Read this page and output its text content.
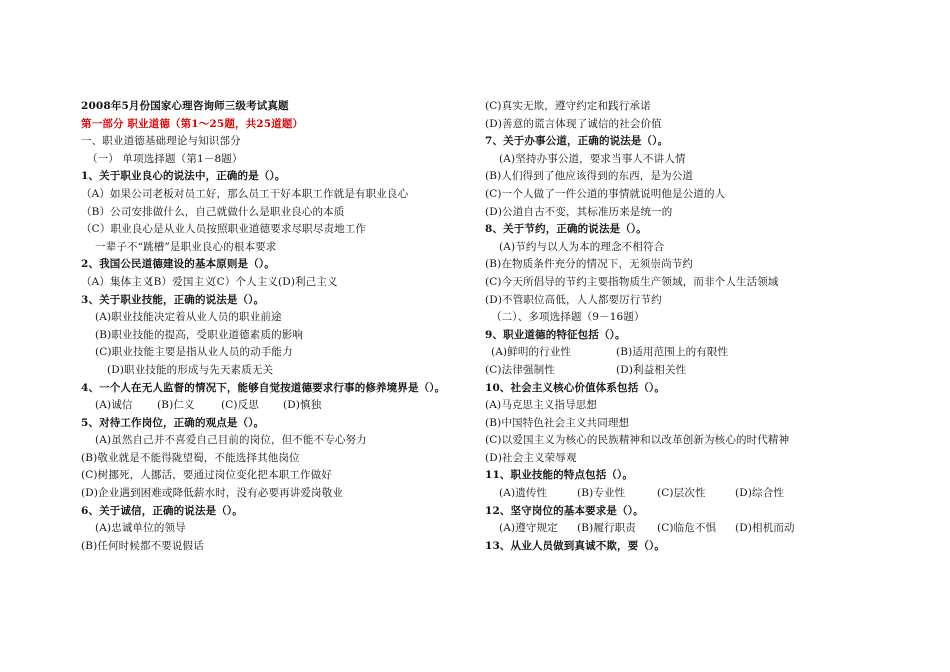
2008年5月份国家心理咨询师三级考试真题
第一部分 职业道德（第1～25题，共25道题）
一、职业道德基础理论与知识部分
（一） 单项选择题（第1－8题）
1、关于职业良心的说法中，正确的是（）。
（A）如果公司老板对员工好，那么员工干好本职工作就是有职业良心
（B）公司安排做什么，自己就做什么是职业良心的本质
（C）职业良心是从业人员按照职业道德要求尽职尽责地工作
一辈子不“跳槽”是职业良心的根本要求
2、我国公民道德建设的基本原则是（）。
（A）集体主义（B）爱国主义（C）个人主义(D)利己主义
3、关于职业技能，正确的说法是（）。
(A)职业技能决定着从业人员的职业前途
(B)职业技能的提高，受职业道德素质的影响
(C)职业技能主要是指从业人员的动手能力
(D)职业技能的形成与先天素质无关
4、一个人在无人监督的情况下，能够自觉按道德要求行事的修养境界是（）。
(A)诚信 (B)仁义	(C)反思 (D)慎独
5、对待工作岗位，正确的观点是（）。
(A)虽然自己并不喜爱自己目前的岗位，但不能不专心努力
(B)敬业就是不能得陇望蜀，不能选择其他岗位
(C)树挪死，人挪活，要通过岗位变化把本职工作做好
(D)企业遇到困难或降低薪水时，没有必要再讲爱岗敬业
6、关于诚信，正确的说法是（）。
(A)忠诚单位的领导
(B)任何时候都不要说假话
(C)真实无欺，遵守约定和践行承诺
(D)善意的谎言体现了诚信的社会价值
7、关于办事公道，正确的说法是（）。
(A)坚持办事公道，要求当事人不讲人情
(B)人们得到了他应该得到的东西，是为公道
(C)一个人做了一件公道的事情就说明他是公道的人
(D)公道自古不变，其标准历来是统一的
8、关于节约，正确的说法是（）。
(A)节约与以人为本的理念不相符合
(B)在物质条件充分的情况下，无须崇尚节约
(C)今天所倡导的节约主要指物质生产领域，而非个人生活领域
(D)不管职位高低，人人都要厉行节约
（二）、多项选择题（9－16题）
9、职业道德的特征包括（）。
(A)鲜明的行业性	(B)适用范围上的有限性
(C)法律强制性	(D)利益相关性
10、社会主义核心价值体系包括（）。
(A)马克思主义指导思想
(B)中国特色社会主义共同理想
(C)以爱国主义为核心的民族精神和以改革创新为核心的时代精神
(D)社会主义荣辱观
11、职业技能的特点包括（）。
(A)遗传性	(B)专业性	(C)层次性	(D)综合性
12、坚守岗位的基本要求是（）。
(A)遵守规定 (B)履行职责 (C)临危不惧 (D)相机而动
13、从业人员做到真诚不欺，要（）。
